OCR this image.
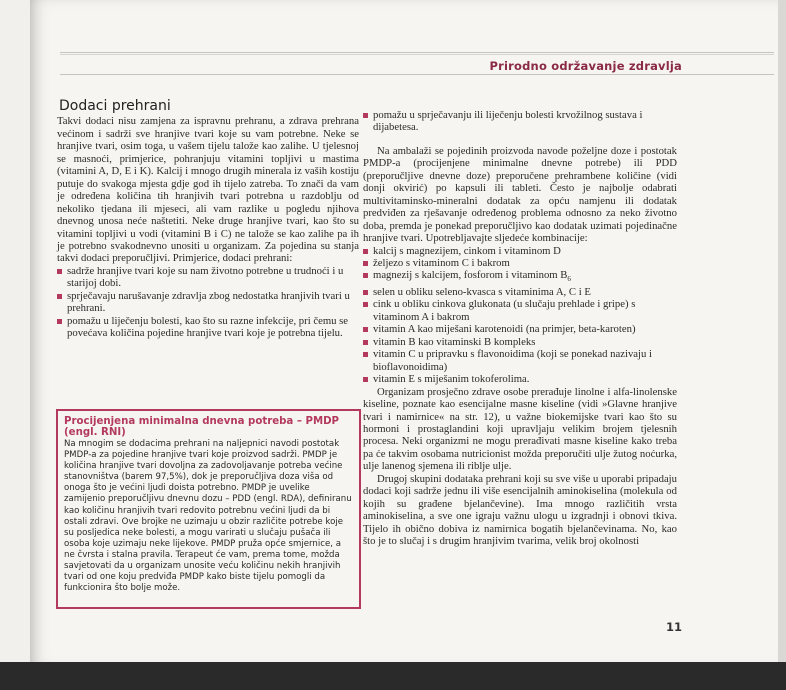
Prirodno održavanje zdravlja
Dodaci prehrani

Takvi dodaci nisu zamjena za ispravnu prehranu, a zdrava prehrana većinom i sadrži sve hranjive tvari koje su vam potrebne. Neke se hranjive tvari, osim toga, u vašem tijelu talože kao zalihe. U tjelesnoj se masnoći, primjerice, pohranjuju vitamini topljivi u mastima (vitamini A, D, E i K). Kalcij i mnogo drugih minerala iz vaših kostiju putuje do svakoga mjesta gdje god ih tijelo zatreba. To znači da vam je određena količina tih hranjivih tvari potrebna u razdoblju od nekoliko tjedana ili mjeseci, ali vam razlike u pogledu njihova dnevnog unosa neće naštetiti. Neke druge hranjive tvari, kao što su vitamini topljivi u vodi (vitamini B i C) ne talože se kao zalihe pa ih je potrebno svakodnevno unositi u organizam. Za pojedina su stanja takvi dodaci preporučljivi. Primjerice, dodaci prehrani:

sadrže hranjive tvari koje su nam životno potrebne u trudnoći i u starijoj dobi.
sprječavaju narušavanje zdravlja zbog nedostatka hranjivih tvari u prehrani.
pomažu u liječenju bolesti, kao što su razne infekcije, pri čemu se povećava količina pojedine hranjive tvari koje je potrebna tijelu.
Procijenjena minimalna dnevna potreba – PMDP (engl. RNI)
Na mnogim se dodacima prehrani na naljepnici navodi postotak PMDP-a za pojedine hranjive tvari koje proizvod sadrži. PMDP je količina hranjive tvari dovoljna za zadovoljavanje potreba većine stanovništva (barem 97,5%), dok je preporučljiva doza viša od onoga što je većini ljudi doista potrebno. PMDP je uvelike zamijenio preporučljivu dnevnu dozu – PDD (engl. RDA), definiranu kao količinu hranjivih tvari redovito potrebnu većini ljudi da bi ostali zdravi. Ove brojke ne uzimaju u obzir različite potrebe koje su posljedica neke bolesti, a mogu varirati u slučaju pušača ili osoba koje uzimaju neke lijekove. PMDP pruža opće smjernice, a ne čvrsta i stalna pravila. Terapeut će vam, prema tome, možda savjetovati da u organizam unosite veću količinu nekih hranjivih tvari od one koju predviđa PMDP kako biste tijelu pomogli da funkcionira što bolje može.
pomažu u sprječavanju ili liječenju bolesti krvožilnog sustava i dijabetesa.

Na ambalaži se pojedinih proizvoda navode poželjne doze i postotak PMDP-a (procijenjene minimalne dnevne potrebe) ili PDD (preporučljive dnevne doze) preporučene prehrambene količine (vidi donji okvirić) po kapsuli ili tableti. Često je najbolje odabrati multivitaminsko-mineralni dodatak za opću namjenu ili dodatak predviđen za rješavanje određenog problema odnosno za neko životno doba, premda je ponekad preporučljivo kao dodatak uzimati pojedinačne hranjive tvari. Upotrebljavajte sljedeće kombinacije:

kalcij s magnezijem, cinkom i vitaminom D
željezo s vitaminom C i bakrom
magnezij s kalcijem, fosforom i vitaminom $B_6$
selen u obliku seleno-kvasca s vitaminima A, C i E
cink u obliku cinkova glukonata (u slučaju prehlade i gripe) s vitaminom A i bakrom
vitamin A kao miješani karotenoidi (na primjer, beta-karoten)
vitamin B kao vitaminski B kompleks
vitamin C u pripravku s flavonoidima (koji se ponekad nazivaju i bioflavonoidima)
vitamin E s miješanim tokoferolima.

Organizam prosječno zdrave osobe prerađuje linolne i alfa-linolenske kiseline, poznate kao esencijalne masne kiseline (vidi »Glavne hranjive tvari i namirnice« na str. 12), u važne biokemijske tvari kao što su hormoni i prostaglandini koji upravljaju velikim brojem tjelesnih procesa. Neki organizmi ne mogu prerađivati masne kiseline kako treba pa će takvim osobama nutricionist možda preporučiti ulje žutog noćurka, ulje lanenog sjemena ili riblje ulje.

Drugoj skupini dodataka prehrani koji su sve više u uporabi pripadaju dodaci koji sadrže jednu ili više esencijalnih aminokiselina (molekula od kojih su građene bjelančevine). Ima mnogo različitih vrsta aminokiselina, a sve one igraju važnu ulogu u izgradnji i obnovi tkiva. Tijelo ih obično dobiva iz namirnica bogatih bjelančevinama. No, kao što je to slučaj i s drugim hranjivim tvarima, velik broj okolnosti

11
